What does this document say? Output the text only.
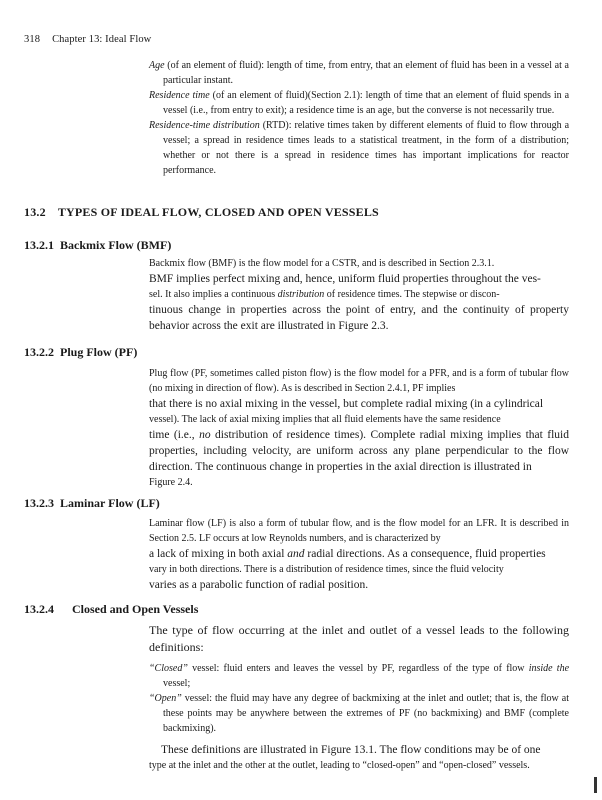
318 Chapter 13: Ideal Flow

Age (of an element of fluid): length of time, from entry, that an element of fluid has been in a vessel at a particular instant.

Residence time (of an element of fluid)(Section 2.1): length of time that an element of fluid spends in a vessel (i.e., from entry to exit); a residence time is an age, but the converse is not necessarily true.

Residence-time distribution (RTD): relative times taken by different elements of fluid to flow through a vessel; a spread in residence times leads to a statistical treatment, in the form of a distribution; whether or not there is a spread in residence times has important implications for reactor performance.

13.2 TYPES OF IDEAL FLOW, CLOSED AND OPEN VESSELS
13.2.1 Backmix Flow (BMF)

Backmix flow (BMF) is the flow model for a CSTR, and is described in Section 2.3.1.

BMF implies perfect mixing and, hence, uniform fluid properties throughout the ves-

sel. It also implies a continuous distribution of residence times. The stepwise or discon-

tinuous change in properties across the point of entry, and the continuity of property behavior across the exit are illustrated in Figure 2.3.

13.2.2 Plug Flow (PF)

Plug flow (PF, sometimes called piston flow) is the flow model for a PFR, and is a form of tubular flow (no mixing in direction of flow). As is described in Section 2.4.1, PF implies

that there is no axial mixing in the vessel, but complete radial mixing (in a cylindrical

vessel). The lack of axial mixing implies that all fluid elements have the same residence

time (i.e., no distribution of residence times). Complete radial mixing implies that fluid properties, including velocity, are uniform across any plane perpendicular to the flow direction. The continuous change in properties in the axial direction is illustrated in

Figure 2.4.

13.2.3 Laminar Flow (LF)

Laminar flow (LF) is also a form of tubular flow, and is the flow model for an LFR. It is described in Section 2.5. LF occurs at low Reynolds numbers, and is characterized by

a lack of mixing in both axial and radial directions. As a consequence, fluid properties

vary in both directions. There is a distribution of residence times, since the fluid velocity

varies as a parabolic function of radial position.

13.2.4 Closed and Open Vessels

The type of flow occurring at the inlet and outlet of a vessel leads to the following definitions:

“Closed” vessel: fluid enters and leaves the vessel by PF, regardless of the type of flow inside the vessel;

“Open” vessel: the fluid may have any degree of backmixing at the inlet and outlet; that is, the flow at these points may be anywhere between the extremes of PF (no backmixing) and BMF (complete backmixing).

These definitions are illustrated in Figure 13.1. The flow conditions may be of one

type at the inlet and the other at the outlet, leading to “closed-open” and “open-closed” vessels.
